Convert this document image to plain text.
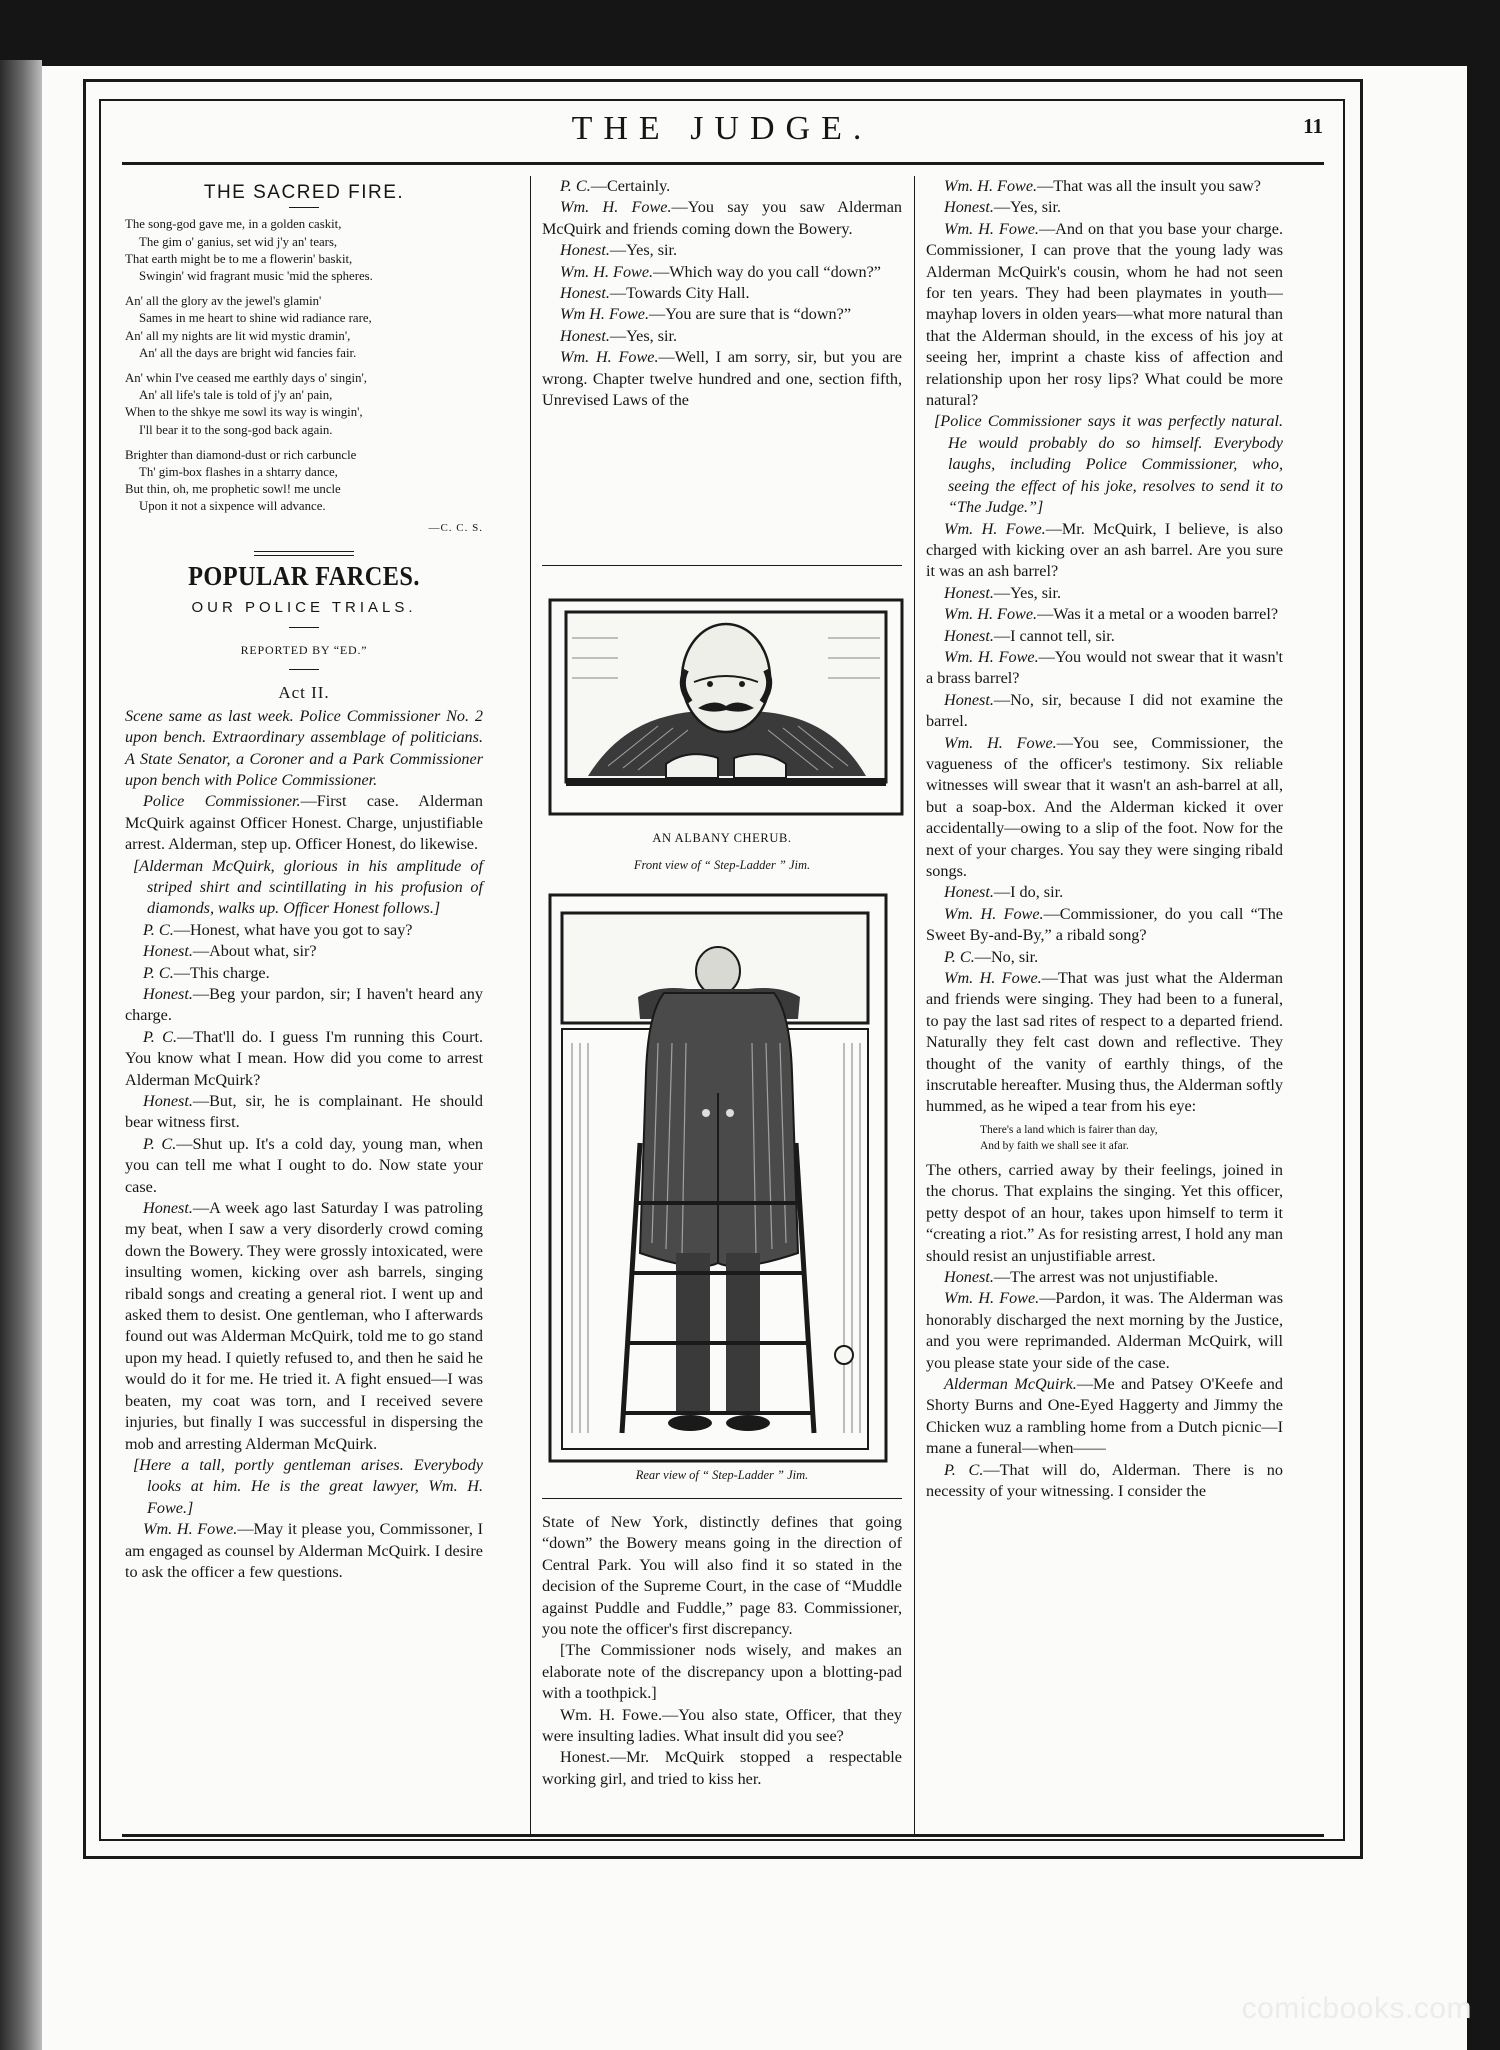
THE JUDGE.	11
THE SACRED FIRE.
The song-god gave me, in a golden caskit,
The gim o' ganius, set wid j'y an' tears,
That earth might be to me a flowerin' baskit,
Swingin' wid fragrant music 'mid the spheres.
An' all the glory av the jewel's glamin'
Sames in me heart to shine wid radiance rare,
An' all my nights are lit wid mystic dramin',
An' all the days are bright wid fancies fair.
An' whin I've ceased me earthly days o' singin',
An' all life's tale is told of j'y an' pain,
When to the shkye me sowl its way is wingin',
I'll bear it to the song-god back again.
Brighter than diamond-dust or rich carbuncle
Th' gim-box flashes in a shtarry dance,
But thin, oh, me prophetic sowl! me uncle
Upon it not a sixpence will advance.
—C. C. S.
POPULAR FARCES.
OUR POLICE TRIALS.
REPORTED BY “ED.”
Act II.

Scene same as last week. Police Commissioner No. 2 upon bench. Extraordinary assemblage of politicians. A State Senator, a Coroner and a Park Commissioner upon bench with Police Commissioner.

Police Commissioner.—First case. Alderman McQuirk against Officer Honest. Charge, unjustifiable arrest. Alderman, step up. Officer Honest, do likewise.

[Alderman McQuirk, glorious in his amplitude of striped shirt and scintillating in his profusion of diamonds, walks up. Officer Honest follows.]

P. C.—Honest, what have you got to say?

Honest.—About what, sir?

P. C.—This charge.

Honest.—Beg your pardon, sir; I haven't heard any charge.

P. C.—That'll do. I guess I'm running this Court. You know what I mean. How did you come to arrest Alderman McQuirk?

Honest.—But, sir, he is complainant. He should bear witness first.

P. C.—Shut up. It's a cold day, young man, when you can tell me what I ought to do. Now state your case.

Honest.—A week ago last Saturday I was patroling my beat, when I saw a very disorderly crowd coming down the Bowery. They were grossly intoxicated, were insulting women, kicking over ash barrels, singing ribald songs and creating a general riot. I went up and asked them to desist. One gentleman, who I afterwards found out was Alderman McQuirk, told me to go stand upon my head. I quietly refused to, and then he said he would do it for me. He tried it. A fight ensued—I was beaten, my coat was torn, and I received severe injuries, but finally I was successful in dispersing the mob and arresting Alderman McQuirk.

[Here a tall, portly gentleman arises. Everybody looks at him. He is the great lawyer, Wm. H. Fowe.]

Wm. H. Fowe.—May it please you, Commissoner, I am engaged as counsel by Alderman McQuirk. I desire to ask the officer a few questions.

P. C.—Certainly.

Wm. H. Fowe.—You say you saw Alderman McQuirk and friends coming down the Bowery.

Honest.—Yes, sir.

Wm. H. Fowe.—Which way do you call “down?”

Honest.—Towards City Hall.

Wm H. Fowe.—You are sure that is “down?”

Honest.—Yes, sir.

Wm. H. Fowe.—Well, I am sorry, sir, but you are wrong. Chapter twelve hundred and one, section fifth, Unrevised Laws of the

AN ALBANY CHERUB.
Front view of “ Step-Ladder ” Jim.
Rear view of “ Step-Ladder ” Jim.

State of New York, distinctly defines that going “down” the Bowery means going in the direction of Central Park. You will also find it so stated in the decision of the Supreme Court, in the case of “Muddle against Puddle and Fuddle,” page 83. Commissioner, you note the officer's first discrepancy.

[The Commissioner nods wisely, and makes an elaborate note of the discrepancy upon a blotting-pad with a toothpick.]

Wm. H. Fowe.—You also state, Officer, that they were insulting ladies. What insult did you see?

Honest.—Mr. McQuirk stopped a respectable working girl, and tried to kiss her.

Wm. H. Fowe.—That was all the insult you saw?

Honest.—Yes, sir.

Wm. H. Fowe.—And on that you base your charge. Commissioner, I can prove that the young lady was Alderman McQuirk's cousin, whom he had not seen for ten years. They had been playmates in youth—mayhap lovers in olden years—what more natural than that the Alderman should, in the excess of his joy at seeing her, imprint a chaste kiss of affection and relationship upon her rosy lips? What could be more natural?

[Police Commissioner says it was perfectly natural. He would probably do so himself. Everybody laughs, including Police Commissioner, who, seeing the effect of his joke, resolves to send it to “The Judge.”]

Wm. H. Fowe.—Mr. McQuirk, I believe, is also charged with kicking over an ash barrel. Are you sure it was an ash barrel?

Honest.—Yes, sir.

Wm. H. Fowe.—Was it a metal or a wooden barrel?

Honest.—I cannot tell, sir.

Wm. H. Fowe.—You would not swear that it wasn't a brass barrel?

Honest.—No, sir, because I did not examine the barrel.

Wm. H. Fowe.—You see, Commissioner, the vagueness of the officer's testimony. Six reliable witnesses will swear that it wasn't an ash-barrel at all, but a soap-box. And the Alderman kicked it over accidentally—owing to a slip of the foot. Now for the next of your charges. You say they were singing ribald songs.

Honest.—I do, sir.

Wm. H. Fowe.—Commissioner, do you call “The Sweet By-and-By,” a ribald song?

P. C.—No, sir.

Wm. H. Fowe.—That was just what the Alderman and friends were singing. They had been to a funeral, to pay the last sad rites of respect to a departed friend. Naturally they felt cast down and reflective. They thought of the vanity of earthly things, of the inscrutable hereafter. Musing thus, the Alderman softly hummed, as he wiped a tear from his eye:

There's a land which is fairer than day,
And by faith we shall see it afar.

The others, carried away by their feelings, joined in the chorus. That explains the singing. Yet this officer, petty despot of an hour, takes upon himself to term it “creating a riot.” As for resisting arrest, I hold any man should resist an unjustifiable arrest.

Honest.—The arrest was not unjustifiable.

Wm. H. Fowe.—Pardon, it was. The Alderman was honorably discharged the next morning by the Justice, and you were reprimanded. Alderman McQuirk, will you please state your side of the case.

Alderman McQuirk.—Me and Patsey O'Keefe and Shorty Burns and One-Eyed Haggerty and Jimmy the Chicken wuz a rambling home from a Dutch picnic—I mane a funeral—when——

P. C.—That will do, Alderman. There is no necessity of your witnessing. I consider the

comicbooks.com
